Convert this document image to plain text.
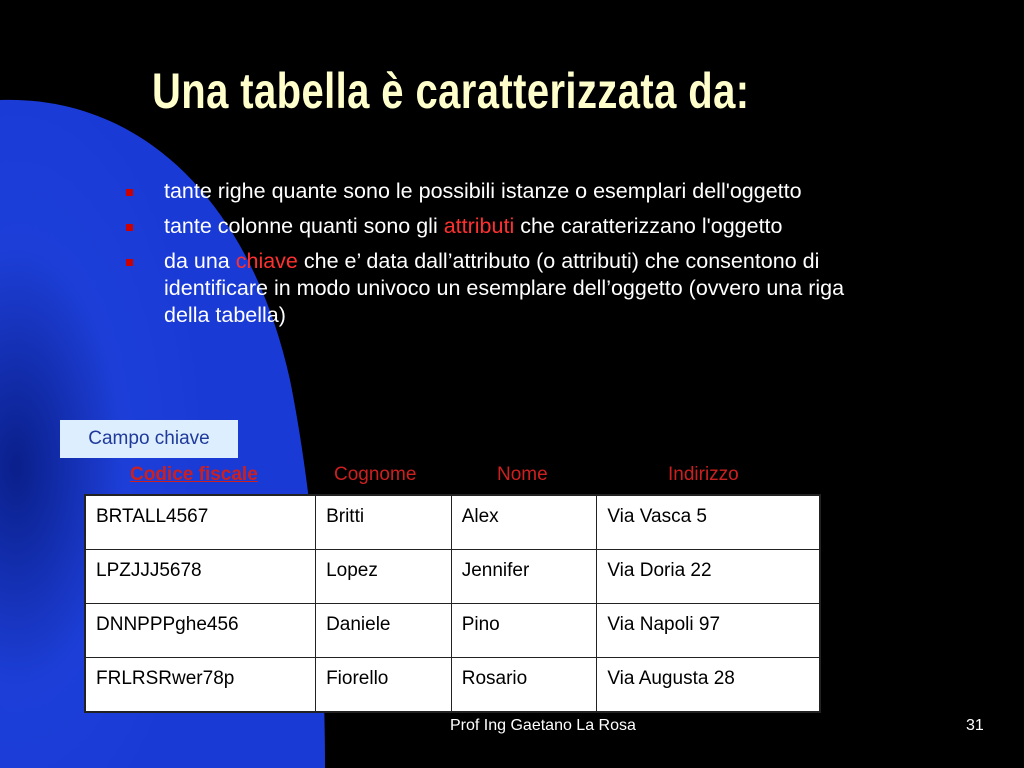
Una tabella è caratterizzata da:
tante righe quante sono le possibili istanze o esemplari dell'oggetto
tante colonne quanti sono gli attributi che caratterizzano l'oggetto
da una chiave che e’ data dall’attributo (o attributi) che consentono di identificare in modo univoco un esemplare dell’oggetto (ovvero una riga della tabella)
Campo chiave
Codice fiscale	Cognome	Nome	Indirizzo
BRTALL4567	Britti	Alex	Via Vasca 5
LPZJJJ5678	Lopez	Jennifer	Via Doria 22
DNNPPPghe456	Daniele	Pino	Via Napoli 97
FRLRSRwer78p	Fiorello	Rosario	Via Augusta 28
Prof Ing Gaetano La Rosa	31
